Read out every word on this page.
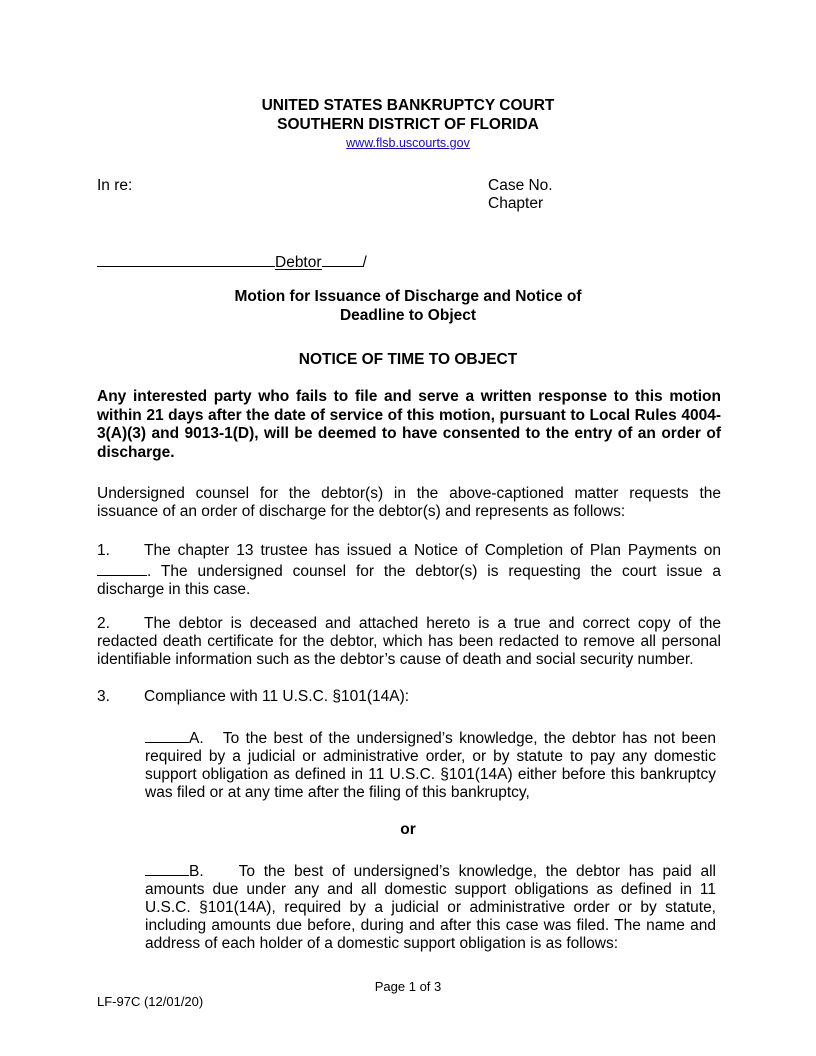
UNITED STATES BANKRUPTCY COURT
SOUTHERN DISTRICT OF FLORIDA
www.flsb.uscourts.gov
In re:	Case No.
Chapter
Debtor	/
Motion for Issuance of Discharge and Notice of
Deadline to Object
NOTICE OF TIME TO OBJECT
Any interested party who fails to file and serve a written response to this motion within 21 days after the date of service of this motion, pursuant to Local Rules 4004-3(A)(3) and 9013-1(D), will be deemed to have consented to the entry of an order of discharge.
Undersigned counsel for the debtor(s) in the above-captioned matter requests the issuance of an order of discharge for the debtor(s) and represents as follows:
1. The chapter 13 trustee has issued a Notice of Completion of Plan Payments on . The undersigned counsel for the debtor(s) is requesting the court issue a discharge in this case.
2. The debtor is deceased and attached hereto is a true and correct copy of the redacted death certificate for the debtor, which has been redacted to remove all personal identifiable information such as the debtor’s cause of death and social security number.
3. Compliance with 11 U.S.C. §101(14A):
A. To the best of the undersigned’s knowledge, the debtor has not been required by a judicial or administrative order, or by statute to pay any domestic support obligation as defined in 11 U.S.C. §101(14A) either before this bankruptcy was filed or at any time after the filing of this bankruptcy,
or
B. To the best of undersigned’s knowledge, the debtor has paid all amounts due under any and all domestic support obligations as defined in 11 U.S.C. §101(14A), required by a judicial or administrative order or by statute, including amounts due before, during and after this case was filed. The name and address of each holder of a domestic support obligation is as follows:
Page 1 of 3
LF-97C (12/01/20)
